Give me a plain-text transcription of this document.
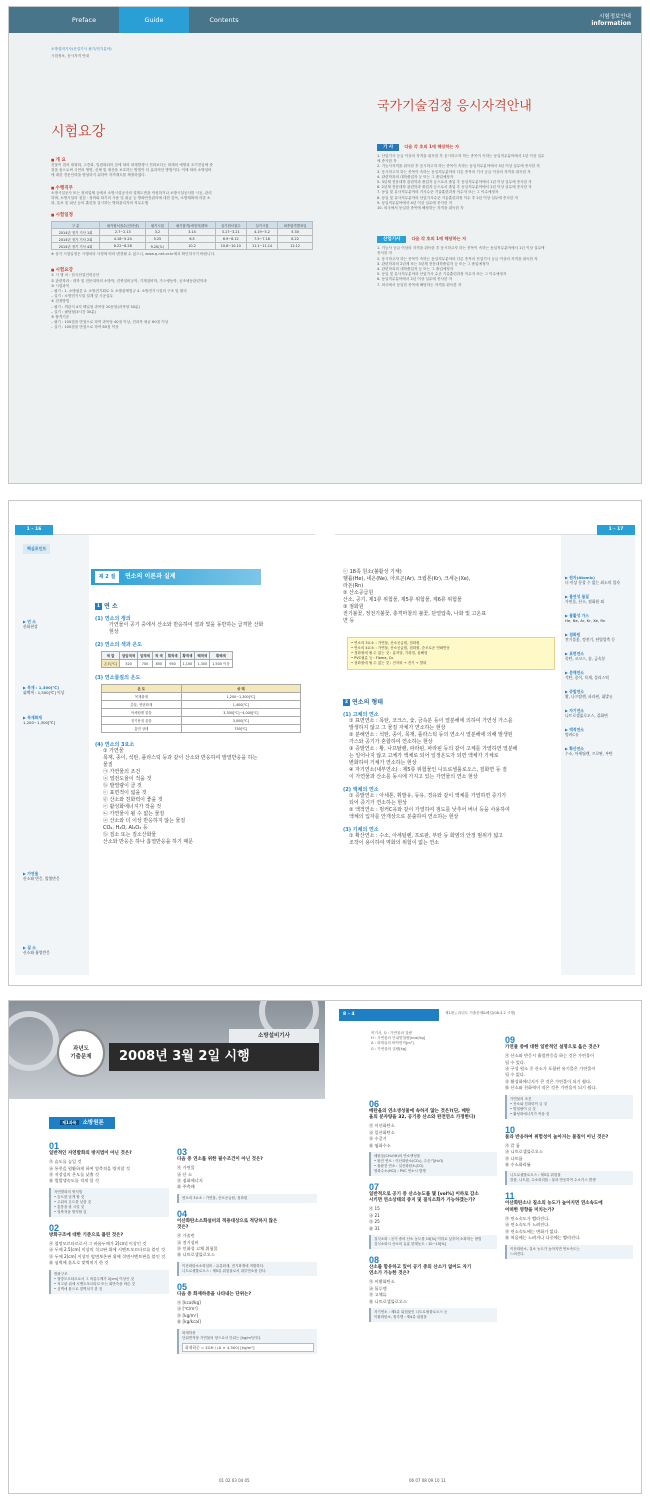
Preface	Guide	Contents	시험정보안내
information
소방설비기사(산업기사 필기/전기분야)
시험정보, 응시자격 안내
시험요강
국가기술검정 응시자격안내
■ 개 요
건물이 점차 대형화, 고층화, 밀집화되어 감에 따라 화재발생시 진화보다는 화재의 예방과 초기진압에 중
점을 둠으로써 국민의 생명, 신체 및 재산을 보호하는 방법이 더 효과적인 방법이다. 이에 따라 소방설비
에 대한 전문인력을 양성하기 위하여 자격제도를 제정하였다.
■ 수행직무
소방시설공사 또는 정비업체 등에서 소방시설공사의 설계도면을 작성하거나 소방시설공사를 시공, 관리
하며, 소방시설의 점검 · 정비와 화기의 사용 및 취급 등 방화안전관리에 대한 감독, 소방계획에 의한 소
화, 통보 및 피난 등의 훈련을 실시하는 방화관리자의 직무수행
■ 시험일정
구 분	필기원서접수(인터넷)	필기시험	필기합격(예정자)발표	실기원서접수	실기시험	최종합격발표일
2014년 정기 기사 1회	2.7~2.13	3.2	3.14	3.17~3.21	4.19~5.2	5.30
2014년 정기 기사 2회	4.18~5.24	5.25	6.5	6.9~6.12	7.5~7.18	8.22
2014년 정기 기사 4회	8.22~8.28	9.20(토)	10.2	10.6~10.10	11.1~11.14	12.12
※ 상기 시험일정은 시행처의 사정에 따라 변경될 수 있으니, www.q-net.or.kr에서 확인하시기 바랍니다.
■ 시험요강
① 시 행 처 : 한국산업인력공단
② 관련학과 : 대학 및 전문대학의 소방학, 건축설비공학, 기계설비학, 가스냉동학, 공조냉동관련학과
③ 시험과목
– 필기 : 1. 소방원론 2. 소방전기회로 3. 소방관계법규 4. 소방전기시설의 구조 및 원리
– 실기 : 소방전기시설 설계 및 시공실무
④ 검정방법
– 필기 : 객관식 4지 택일형 과목당 20문항(과목당 30분)
– 실기 : 필답형(3시간 30분)
⑤ 합격기준
– 필기 : 100점을 만점으로 하여 과목당 40점 이상, 전과목 평균 60점 이상
– 실기 : 100점을 만점으로 하여 60점 이상
기 사	다음 각 호의 1에 해당하는 자
1. 산업기사 등급 이상의 자격을 취득한 후 응시하고자 하는 종목이 속하는 동일직무분야에서 1년 이상 실무
에 종사한 자
2. 기능사자격을 취득한 후 응시하고자 하는 종목이 속하는 동일직무분야에서 3년 이상 실무에 종사한 자
3. 응시하고자 하는 종목이 속하는 동일직무분야의 다른 종목의 기사 등급 이상의 자격을 취득한 자
4. 관련학과의 대학졸업자 등 또는 그 졸업예정자
5. 3년제 전문대학 관련학과 졸업자 등으로서 졸업 후 동일직무분야에서 1년 이상 실무에 종사한 자
6. 2년제 전문대학 관련학과 졸업자 등으로서 졸업 후 동일직무분야에서 2년 이상 실무에 종사한 자
7. 동일 및 유사직무분야의 기사수준 기술훈련과정 이수자 또는 그 이수예정자
8. 동일 및 유사직무분야의 산업기사수준 기술훈련과정 이수 후 2년 이상 실무에 종사한 자
9. 동일직무분야에서 4년 이상 실무에 종사한 자
10. 외국에서 동일한 종목에 해당하는 자격을 취득한 자
산업기사	다음 각 호의 1에 해당하는 자
1. 기능사 등급 이상의 자격을 취득한 후 응시하고자 하는 종목이 속하는 동일직무분야에서 1년 이상 실무에
종사한 자
2. 응시하고자 하는 종목이 속하는 동일직무분야의 다른 종목의 산업기사 등급 이상의 자격을 취득한 자
3. 관련학과의 2년제 또는 3년제 전문대학졸업자 등 또는 그 졸업예정자
4. 관련학과의 대학졸업자 등 또는 그 졸업예정자
5. 동일 및 유사직무분야의 산업기사 수준 기술훈련과정 이수자 또는 그 이수예정자
6. 동일직무분야에서 2년 이상 실무에 종사한 자
7. 외국에서 동일한 종목에 해당하는 자격을 취득한 자
1 – 16	1 – 17
핵심포인트
▶ 연 소
산화현상
▶ 목재 : 1,300[℃]
휘백색 : 1,500[℃] 이상
▶ 목재화재
1,200~1,300[℃]
▶ 가연물
산소와 반응, 발열반응
▶ 질 소
산소와 흡열반응
▶ 원자(Atomic)
더 이상 분할 수 없는 최소의 입자
▶ 불연성 물질
가연물, 산소, 점화원 외
▶ 불활성 가스
He, Ne, Ar, Kr, Xe, Rn
▶ 점화원
전기불꽃, 정전기, 단열압축 등
▶ 표면연소
목탄, 코크스, 숯, 금속분
▶ 분해연소
석탄, 종이, 목재, 플라스틱
▶ 증발연소
황, 나프탈렌, 파라핀, 휘발유
▶ 자기연소
니트로셀룰로오스, 질화면
▶ 액적연소
벙커C유
▶ 확산연소
수소, 아세틸렌, 프로판, 부탄
제 2 절	연소의 이론과 실제
1 연 소
(1) 연소의 정의
가연물이 공기 중에서 산소와 반응하여 열과 빛을 동반하는 급격한 산화
현상
(2) 연소의 색과 온도
색 깔	담암적색	암적색	적 색	휘적색	황적색	백적색	휘백색
온도[℃]	520	700	850	950	1,100	1,300	1,500 이상
(3) 연소물질의 온도
온 도	상 태
목재화재	1,200~1,300[℃]
촛불, 연탄화재	1,400[℃]
아세틸렌 불꽃	3,300[℃]~4,000[℃]
전기용접 불꽃	3,000[℃]
흡연 상태	750[℃]
(4) 연소의 3요소
① 가연물
목재, 종이, 석탄, 플라스틱 등과 같이 산소와 반응하여 발열반응을 하는
물질
㉠ 가연물의 조건
ⓐ 열전도율이 적을 것
ⓑ 발열량이 클 것
ⓒ 표면적이 넓을 것
ⓓ 산소와 친화력이 좋을 것
ⓔ 활성화에너지가 작을 것
㉡ 가연물이 될 수 없는 물질
ⓐ 산소와 더 이상 반응하지 않는 물질
CO₂, H₂O, Al₂O₃ 등
ⓑ 질소 또는 질소산화물
산소와 반응은 하나 흡열반응을 하기 때문
ⓒ 18족 원소(불활성 기체)
헬륨(He), 네온(Ne), 아르곤(Ar), 크립톤(Kr), 크세논(Xe),
라돈(Rn)
② 산소공급원
산소, 공기, 제1류 위험물, 제5류 위험물, 제6류 위험물
③ 점화원
전기불꽃, 정전기불꽃, 충격마찰의 불꽃, 단열압축, 나화 및 고온표
면 등
• 연소의 3요소 : 가연물, 산소공급원, 점화원
• 연소의 4요소 : 가연물, 산소공급원, 점화원, 순조로운 연쇄반응
• 점화원에 될 수 없는 것 : 흡착열, 기화열, 융해열
• PVC필름 등 : Flame, Cu
• 점화원에 될 수 없는 것 : 전자파 → 전기 → 발화
2 연소의 형태
(1) 고체의 연소
① 표면연소 : 목탄, 코크스, 숯, 금속분 등이 열분해에 의하여 가연성 가스를
발생하지 않고 그 물질 자체가 연소하는 현상
② 분해연소 : 석탄, 종이, 목재, 플라스틱 등의 연소시 열분해에 의해 발생된
가스와 공기가 혼합하여 연소하는 현상
③ 증발연소 : 황, 나프탈렌, 파라핀, 파라핀 등의 같이 고체를 가열하면 열분해
는 일어나지 않고 고체가 액체로 되어 일정온도가 되면 액체가 기체로
변화하여 기체가 연소하는 현상
④ 자기연소(내부연소) : 제5류 위험물인 니트로셀룰로오스, 질화면 등 질
이 가연물과 산소를 동시에 가지고 있는 가연물의 연소 현상
(2) 액체의 연소
① 증발연소 : 아세톤, 휘발유, 등유, 경유와 같이 액체를 가열하면 증기가
되어 증기가 연소하는 현상
② 액적연소 : 벙커C유와 같이 가열하여 점도를 낮추어 버너 등을 사용하여
액체의 입자를 안개상으로 분출하여 연소하는 현상
(3) 기체의 연소
① 확산연소 : 수소, 아세틸렌, 프로판, 부탄 등 화염의 안정 범위가 넓고
조작이 용이하여 역화의 위험이 없는 연소
과년도
기출문제
소방설비기사
2008년 3월 2일 시행
제1과목 소방원론
8 – 4	제1편 | 과년도 기출문제&해설(08.3.2 시행)
01
일반적인 자연발화의 방지법이 아닌 것은?
㉮ 습도를 높일 것
㉯ 통풍을 원활하게 하여 열축적을 방지할 것
㉰ 저장실의 온도를 낮출 것
㉱ 열발생속도를 적게 할 것
자연발화의 방지법
• 습도를 낮게 할 것
• 주위의 온도를 낮출 것
• 통풍을 잘 시킬 것
• 열축적을 방지할 것
02
방화구조에 대한 기준으로 틀린 것은?
㉮ 철망모르타르로서 그 바름두께가 2[cm] 이상인 것
㉯ 두께 2.5[cm] 이상의 석고판 위에 시멘트모르타르를 붙인 것
㉰ 두께 2[cm] 이상인 암면보온판 위에 석면시멘트판을 붙인 것
㉱ 심벽에 흙으로 맞벽치기 한 것
방화구조
• 철망모르타르로서 그 바름두께가 2[cm] 이상인 것
• 석고판 위에 시멘트모르타르 또는 회반죽을 바른 것
• 심벽에 흙으로 맞벽치기 한 것
03
다음 중 연소를 위한 필수조건이 아닌 것은?
㉮ 가연물
㉯ 산 소
㉰ 점화에너지
㉱ 주촉매
연소의 3요소 : 가연물, 산소공급원, 점화원
04
이산화탄소소화설비의 적용대상으로 적당하지 않은
것은?
㉮ 가솔린
㉯ 전기설비
㉰ 인화성 고체 위험물
㉱ 니트로셀룰로오스
이산화탄소소화설비 : 유류화재, 전기화재에 적합하다.
니트로셀룰로오스 : 제5류 위험물로서 내부연소를 한다.
05
다음 중 화재하중을 나타내는 단위는?
㉮ [kcal/kg]
㉯ [℃/m²]
㉰ [kg/m²]
㉱ [kg/kcal]
화재하중
단위면적당 가연물의 양으로서 단위는 [kg/m²]이다.
화재하중 = ΣGH / (A × 4,500) [kg/m²]
여기서, Q : 가연물의 질량
H : 가연물의 단위발열량[kcal/kg]
A : 화재실의 바닥면적[m²]
G : 가연물의 질량[kg]
06
메탄올의 연소생성물에 속하지 않는 것은?(단, 메탄
올의 분자량을 32, 공기중 산소와 완전연소 가정한다)
㉮ 이산화탄소
㉯ 일산화탄소
㉰ 수증기
㉱ 염화수소
메탄올(CH₃OH)의 연소생성물
• 완전 연소 : 이산화탄소(CO₂), 수증기(H₂O)
• 불완전 연소 : 일산화탄소(CO)
염화수소(HCl) : PVC 연소시 발생
07
일반적으로 공기 중 산소농도를 몇 [vol%] 이하로 감소
시키면 연소상태의 중지 및 질식소화가 가능하겠는가?
㉮ 15
㉯ 21
㉰ 25
㉱ 31
질식소화 : 공기 중의 산소 농도를 15[%] 이하로 낮추어 소화하는 방법
질식소화시 산소의 유효 한계농도 : 10~15[%]
08
산소를 함유하고 있어 공기 중의 산소가 없어도 자기
연소가 가능한 것은?
㉮ 이황화탄소
㉯ 톨루엔
㉰ 고체류
㉱ 니트로셀룰로오스
자기연소 : 제5류 위험물인 니트로셀룰로오스 등
이황화탄소, 톨루엔 : 제4류 위험물
09
가연물 중에 대한 일반적인 설명으로 옳은 것은?
㉮ 산소와 반응시 흡열반응을 하는 것은 가연물이
될 수 있다.
㉯ 구성 원소 중 산소가 포함된 유기물은 가연물이
될 수 없다.
㉰ 활성화에너지가 큰 것은 가연물이 되기 쉽다.
㉱ 산소와 친화력이 작은 것은 가연물이 되기 쉽다.
가연물의 조건
• 산소와 친화력이 클 것
• 발열량이 클 것
• 활성화에너지가 작을 것
10
물과 반응하여 위험성이 높아지는 물질이 아닌 것은?
㉮ 칼 륨
㉯ 니트로셀룰로오스
㉰ 나트륨
㉱ 수소화리튬
니트로셀룰로오스 : 제5류 위험물
칼륨, 나트륨, 수소화리튬 : 물과 반응하여 수소가스 발생
11
이산화탄소나 질소의 농도가 높아지면 연소속도에
어떠한 영향을 미치는가?
㉮ 연소속도가 빨라진다.
㉯ 연소속도가 느려진다.
㉰ 연소속도에는 변화가 없다.
㉱ 처음에는 느려지나 나중에는 빨라진다.
이산화탄소, 질소 농도가 높아지면 연소속도는
느려진다.
01 02 03 04 05	06 07 08 09 10 11
